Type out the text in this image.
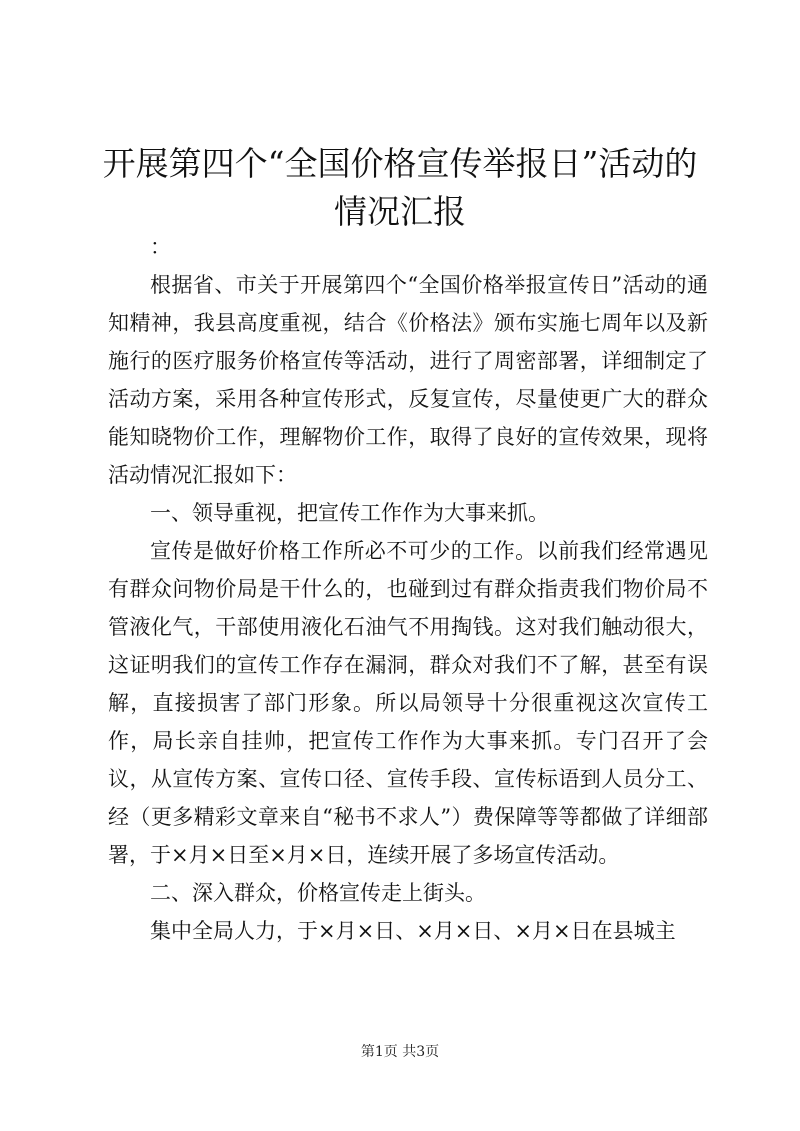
开展第四个“全国价格宣传举报日”活动的情况汇报

：

根据省、市关于开展第四个“全国价格举报宣传日”活动的通知精神，我县高度重视，结合《价格法》颁布实施七周年以及新施行的医疗服务价格宣传等活动，进行了周密部署，详细制定了活动方案，采用各种宣传形式，反复宣传，尽量使更广大的群众能知晓物价工作，理解物价工作，取得了良好的宣传效果，现将活动情况汇报如下：

一、领导重视，把宣传工作作为大事来抓。

宣传是做好价格工作所必不可少的工作。以前我们经常遇见有群众问物价局是干什么的，也碰到过有群众指责我们物价局不管液化气，干部使用液化石油气不用掏钱。这对我们触动很大，这证明我们的宣传工作存在漏洞，群众对我们不了解，甚至有误解，直接损害了部门形象。所以局领导十分很重视这次宣传工作，局长亲自挂帅，把宣传工作作为大事来抓。专门召开了会议，从宣传方案、宣传口径、宣传手段、宣传标语到人员分工、经（更多精彩文章来自“秘书不求人”）费保障等等都做了详细部署，于×月×日至×月×日，连续开展了多场宣传活动。

二、深入群众，价格宣传走上街头。

集中全局人力，于×月×日、×月×日、×月×日在县城主

第1页 共3页
